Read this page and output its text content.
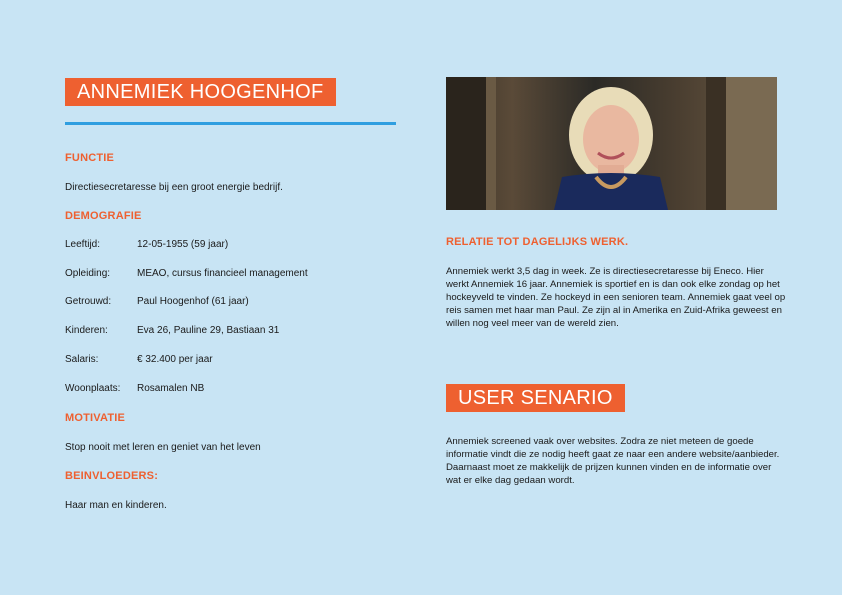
ANNEMIEK HOOGENHOF
FUNCTIE
Directiesecretaresse bij een groot energie bedrijf.
DEMOGRAFIE
Leeftijd:	12-05-1955 (59 jaar)
Opleiding:	MEAO, cursus financieel management
Getrouwd:	Paul Hoogenhof (61 jaar)
Kinderen:	Eva 26, Pauline 29, Bastiaan 31
Salaris:	€ 32.400 per jaar
Woonplaats: Rosamalen NB
MOTIVATIE
Stop nooit met leren en geniet van het leven
BEINVLOEDERS:
Haar man en kinderen.
RELATIE TOT DAGELIJKS WERK.
Annemiek werkt 3,5 dag in week. Ze is directiesecretaresse bij Eneco. Hier werkt Annemiek 16 jaar. Annemiek is sportief en is dan ook elke zondag op het hockeyveld te vinden. Ze hockeyd in een senioren team. Annemiek gaat veel op reis samen met haar man Paul. Ze zijn al in Amerika en Zuid-Afrika geweest en willen nog veel meer van de wereld zien.
USER SENARIO
Annemiek screened vaak over websites. Zodra ze niet meteen de goede informatie vindt die ze nodig heeft gaat ze naar een andere website/aanbieder. Daarnaast moet ze makkelijk de prijzen kunnen vinden en de informatie over wat er elke dag gedaan wordt.
